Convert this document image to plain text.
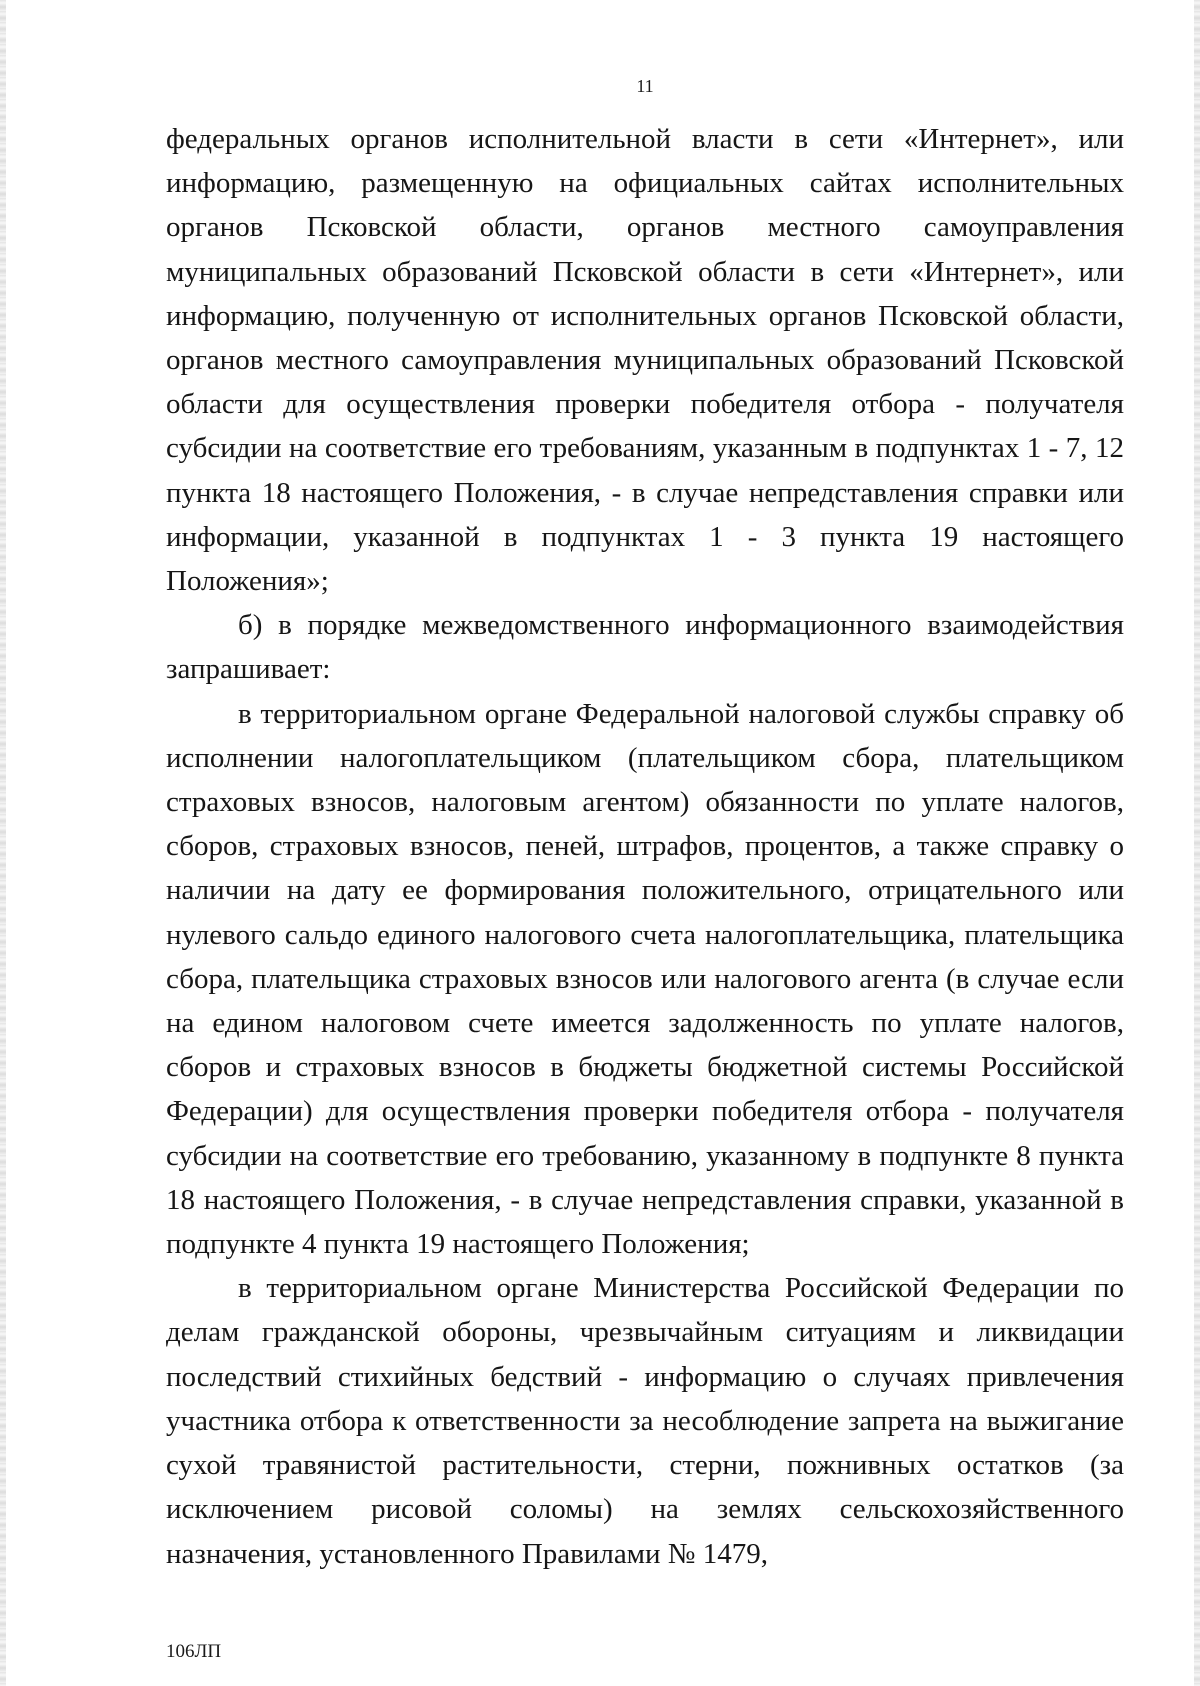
11

федеральных органов исполнительной власти в сети «Интернет», или информацию, размещенную на официальных сайтах исполнительных органов Псковской области, органов местного самоуправления муниципальных образований Псковской области в сети «Интернет», или информацию, полученную от исполнительных органов Псковской области, органов местного самоуправления муниципальных образований Псковской области для осуществления проверки победителя отбора - получателя субсидии на соответствие его требованиям, указанным в подпунктах 1 - 7, 12 пункта 18 настоящего Положения, - в случае непредставления справки или информации, указанной в подпунктах 1 - 3 пункта 19 настоящего Положения»;

б) в порядке межведомственного информационного взаимодействия запрашивает:

в территориальном органе Федеральной налоговой службы справку об исполнении налогоплательщиком (плательщиком сбора, плательщиком страховых взносов, налоговым агентом) обязанности по уплате налогов, сборов, страховых взносов, пеней, штрафов, процентов, а также справку о наличии на дату ее формирования положительного, отрицательного или нулевого сальдо единого налогового счета налогоплательщика, плательщика сбора, плательщика страховых взносов или налогового агента (в случае если на едином налоговом счете имеется задолженность по уплате налогов, сборов и страховых взносов в бюджеты бюджетной системы Российской Федерации) для осуществления проверки победителя отбора - получателя субсидии на соответствие его требованию, указанному в подпункте 8 пункта 18 настоящего Положения, - в случае непредставления справки, указанной в подпункте 4 пункта 19 настоящего Положения;

в территориальном органе Министерства Российской Федерации по делам гражданской обороны, чрезвычайным ситуациям и ликвидации последствий стихийных бедствий - информацию о случаях привлечения участника отбора к ответственности за несоблюдение запрета на выжигание сухой травянистой растительности, стерни, пожнивных остатков (за исключением рисовой соломы) на землях сельскохозяйственного назначения, установленного Правилами № 1479,

106ЛП
